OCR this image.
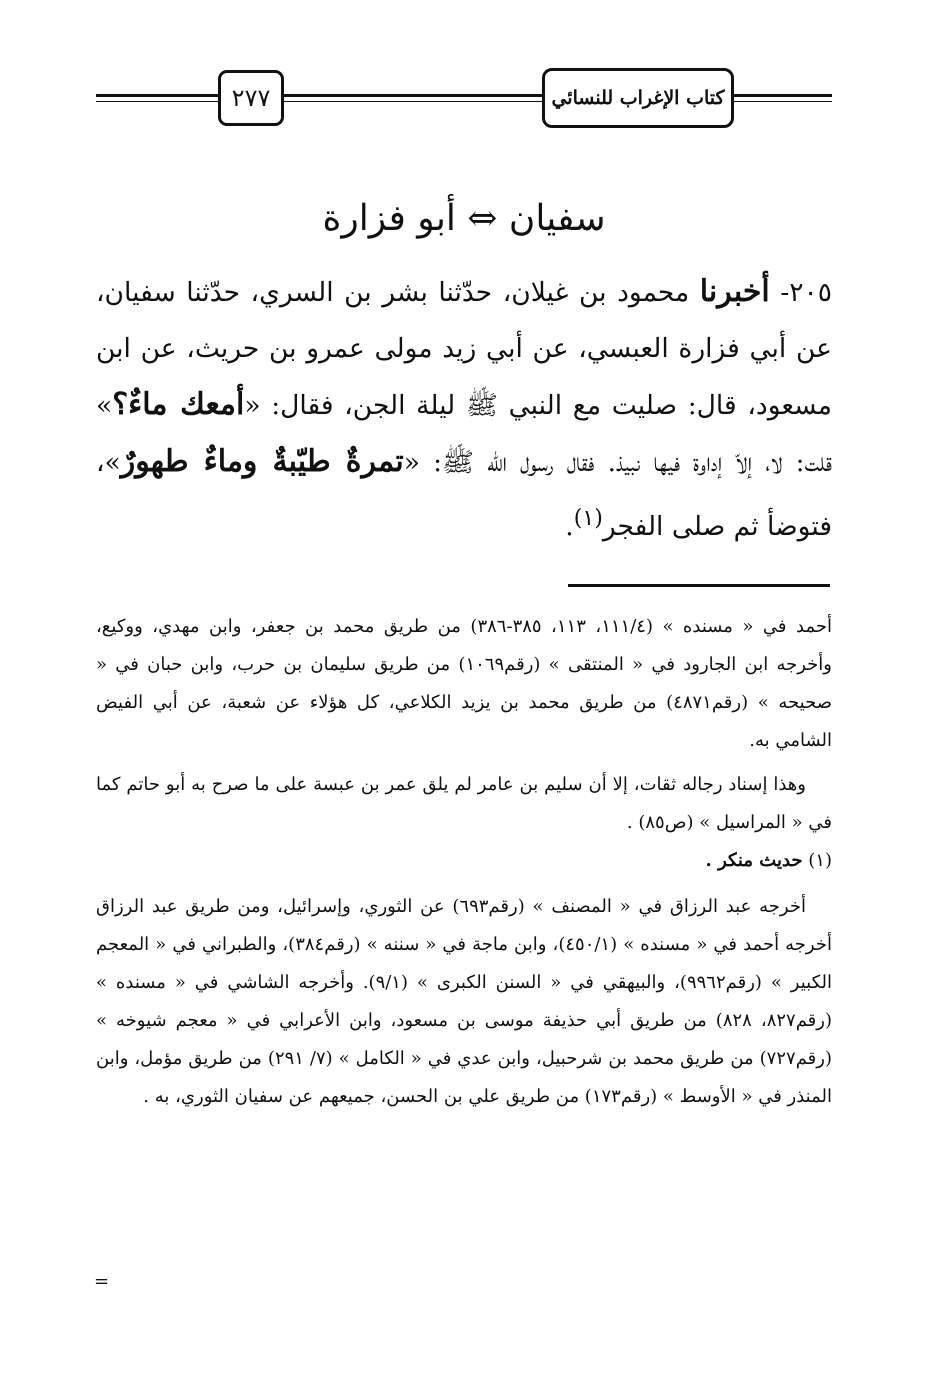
٢٧٧	كتاب الإغراب للنسائي
سفيان ⇔ أبو فزارة
٢٠٥- أخبرنا محمود بن غيلان، حدّثنا بشر بن السري، حدّثنا سفيان، عن أبي فزارة العبسي، عن أبي زيد مولى عمرو بن حريث، عن ابن مسعود، قال: صليت مع النبي ﷺ ليلة الجن، فقال: «أمعك ماءٌ؟» قلت: لا، إلاّ إداوة فيها نبيذ. فقال رسول الله ﷺ: «تمرةٌ طيّبةٌ وماءٌ طهورٌ»، فتوضأ ثم صلى الفجر$^{(١)}$.

أحمد في « مسنده » (١١١/٤، ١١٣، ٣٨٥-٣٨٦) من طريق محمد بن جعفر، وابن مهدي، ووكيع، وأخرجه ابن الجارود في « المنتقى » (رقم١٠٦٩) من طريق سليمان بن حرب، وابن حبان في « صحيحه » (رقم٤٨٧١) من طريق محمد بن يزيد الكلاعي، كل هؤلاء عن شعبة، عن أبي الفيض الشامي به.

وهذا إسناد رجاله ثقات، إلا أن سليم بن عامر لم يلق عمر بن عبسة على ما صرح به أبو حاتم كما في « المراسيل » (ص٨٥) .

(١) حديث منكر .

أخرجه عبد الرزاق في « المصنف » (رقم٦٩٣) عن الثوري، وإسرائيل، ومن طريق عبد الرزاق أخرجه أحمد في « مسنده » (٤٥٠/١)، وابن ماجة في « سننه » (رقم٣٨٤)، والطبراني في « المعجم الكبير » (رقم٩٩٦٢)، والبيهقي في « السنن الكبرى » (٩/١). وأخرجه الشاشي في « مسنده » (رقم٨٢٧، ٨٢٨) من طريق أبي حذيفة موسى بن مسعود، وابن الأعرابي في « معجم شيوخه » (رقم٧٢٧) من طريق محمد بن شرحبيل، وابن عدي في « الكامل » (٧/ ٢٩١) من طريق مؤمل، وابن المنذر في « الأوسط » (رقم١٧٣) من طريق علي بن الحسن، جميعهم عن سفيان الثوري، به .

=
